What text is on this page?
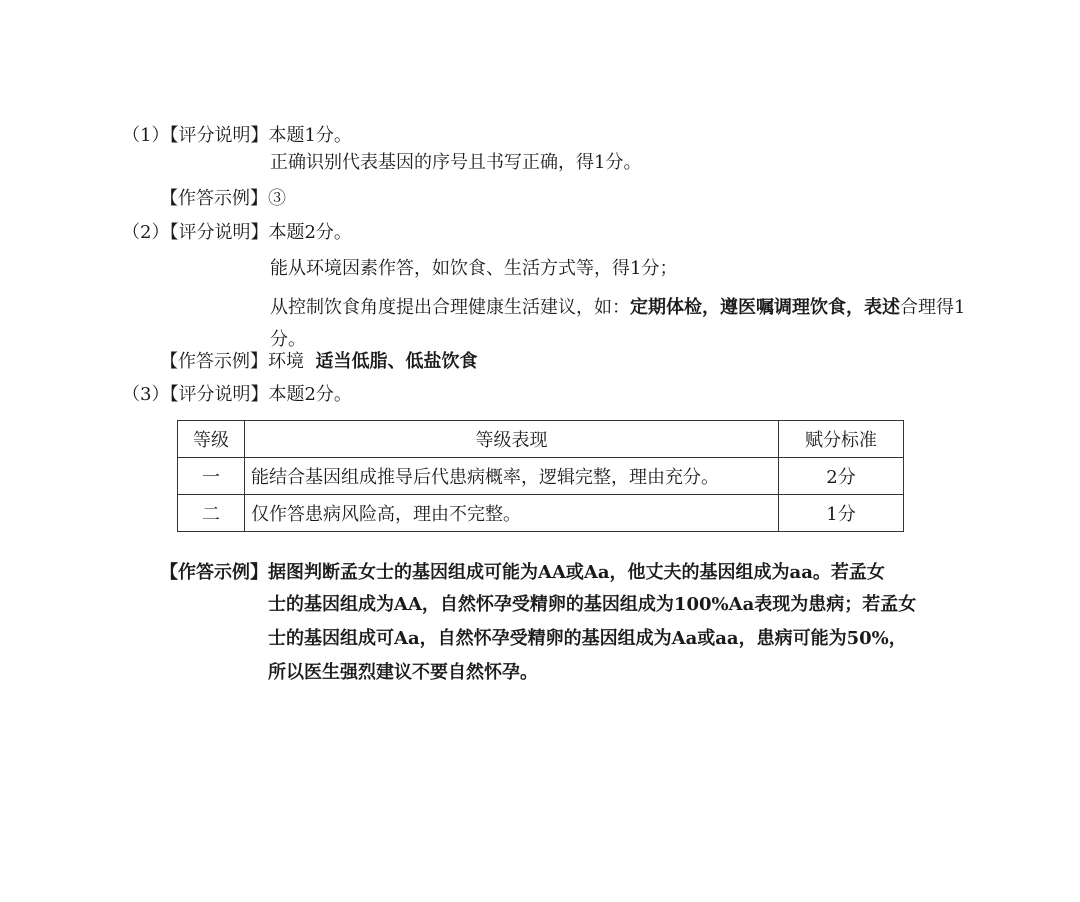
（1）【评分说明】本题1分。
正确识别代表基因的序号且书写正确，得1分。
【作答示例】③
（2）【评分说明】本题2分。
能从环境因素作答，如饮食、生活方式等，得1分；
从控制饮食角度提出合理健康生活建议，如：定期体检，遵医嘱调理饮食，表述合理得1分。
【作答示例】环境 适当低脂、低盐饮食
（3）【评分说明】本题2分。
等级	等级表现	赋分标准
一	能结合基因组成推导后代患病概率，逻辑完整，理由充分。	2分
二	仅作答患病风险高，理由不完整。	1分
【作答示例】 据图判断孟女士的基因组成可能为AA或Aa，他丈夫的基因组成为aa。若孟女
士的基因组成为AA，自然怀孕受精卵的基因组成为100%Aa表现为患病；若孟女
士的基因组成可Aa，自然怀孕受精卵的基因组成为Aa或aa，患病可能为50%，
所以医生强烈建议不要自然怀孕。
